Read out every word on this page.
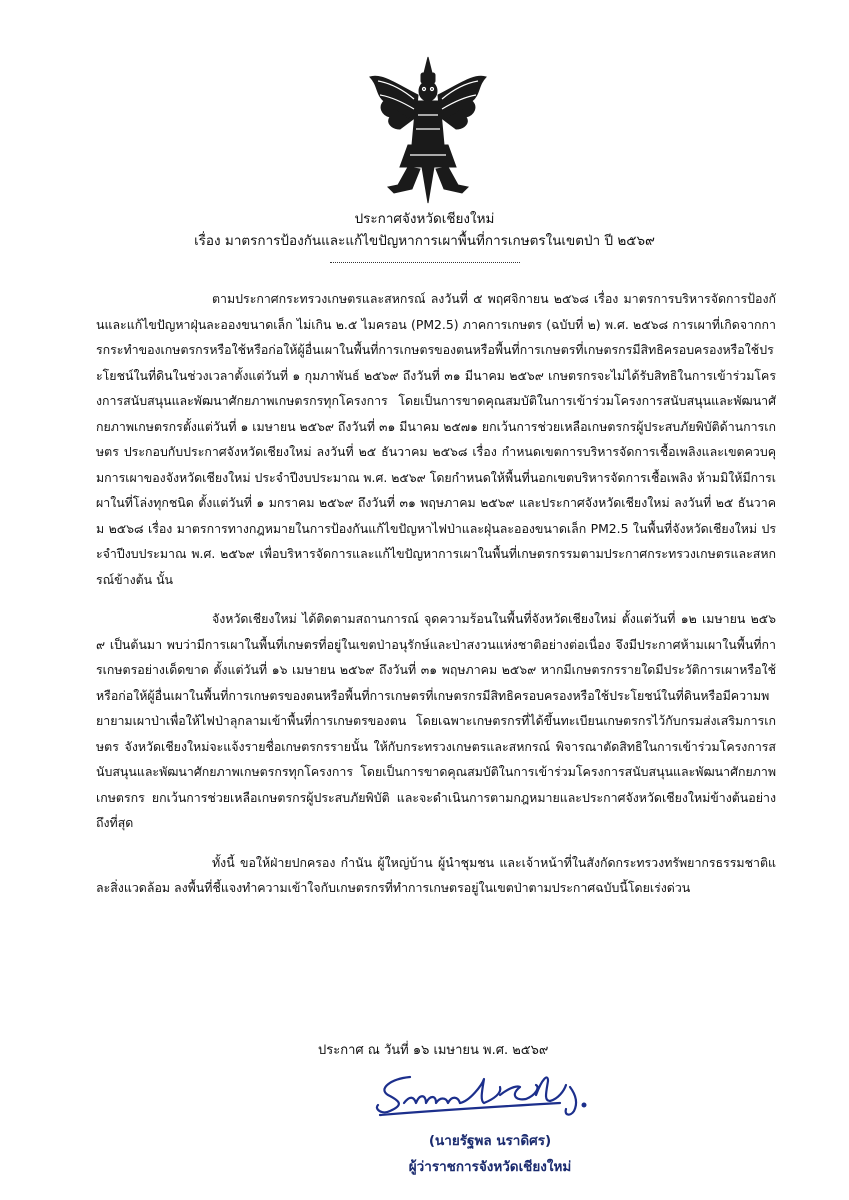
ประกาศจังหวัดเชียงใหม่
เรื่อง มาตรการป้องกันและแก้ไขปัญหาการเผาพื้นที่การเกษตรในเขตป่า ปี ๒๕๖๙

ตามประกาศกระทรวงเกษตรและสหกรณ์ ลงวันที่ ๕ พฤศจิกายน ๒๕๖๘ เรื่อง มาตรการบริหารจัดการป้องกันและแก้ไขปัญหาฝุ่นละอองขนาดเล็ก ไม่เกิน ๒.๕ ไมครอน (PM2.5) ภาคการเกษตร (ฉบับที่ ๒) พ.ศ. ๒๕๖๘ การเผาที่เกิดจากการกระทำของเกษตรกรหรือใช้หรือก่อให้ผู้อื่นเผาในพื้นที่การเกษตรของตนหรือพื้นที่การเกษตรที่เกษตรกรมีสิทธิครอบครองหรือใช้ประโยชน์ในที่ดินในช่วงเวลาตั้งแต่วันที่ ๑ กุมภาพันธ์ ๒๕๖๙ ถึงวันที่ ๓๑ มีนาคม ๒๕๖๙ เกษตรกรจะไม่ได้รับสิทธิในการเข้าร่วมโครงการสนับสนุนและพัฒนาศักยภาพเกษตรกรทุกโครงการ โดยเป็นการขาดคุณสมบัติในการเข้าร่วมโครงการสนับสนุนและพัฒนาศักยภาพเกษตรกรตั้งแต่วันที่ ๑ เมษายน ๒๕๖๙ ถึงวันที่ ๓๑ มีนาคม ๒๕๗๑ ยกเว้นการช่วยเหลือเกษตรกรผู้ประสบภัยพิบัติด้านการเกษตร ประกอบกับประกาศจังหวัดเชียงใหม่ ลงวันที่ ๒๕ ธันวาคม ๒๕๖๘ เรื่อง กำหนดเขตการบริหารจัดการเชื้อเพลิงและเขตควบคุมการเผาของจังหวัดเชียงใหม่ ประจำปีงบประมาณ พ.ศ. ๒๕๖๙ โดยกำหนดให้พื้นที่นอกเขตบริหารจัดการเชื้อเพลิง ห้ามมิให้มีการเผาในที่โล่งทุกชนิด ตั้งแต่วันที่ ๑ มกราคม ๒๕๖๙ ถึงวันที่ ๓๑ พฤษภาคม ๒๕๖๙ และประกาศจังหวัดเชียงใหม่ ลงวันที่ ๒๕ ธันวาคม ๒๕๖๘ เรื่อง มาตรการทางกฎหมายในการป้องกันแก้ไขปัญหาไฟป่าและฝุ่นละอองขนาดเล็ก PM2.5 ในพื้นที่จังหวัดเชียงใหม่ ประจำปีงบประมาณ พ.ศ. ๒๕๖๙ เพื่อบริหารจัดการและแก้ไขปัญหาการเผาในพื้นที่เกษตรกรรมตามประกาศกระทรวงเกษตรและสหกรณ์ข้างต้น นั้น

จังหวัดเชียงใหม่ ได้ติดตามสถานการณ์ จุดความร้อนในพื้นที่จังหวัดเชียงใหม่ ตั้งแต่วันที่ ๑๒ เมษายน ๒๕๖๙ เป็นต้นมา พบว่ามีการเผาในพื้นที่เกษตรที่อยู่ในเขตป่าอนุรักษ์และป่าสงวนแห่งชาติอย่างต่อเนื่อง จึงมีประกาศห้ามเผาในพื้นที่การเกษตรอย่างเด็ดขาด ตั้งแต่วันที่ ๑๖ เมษายน ๒๕๖๙ ถึงวันที่ ๓๑ พฤษภาคม ๒๕๖๙ หากมีเกษตรกรรายใดมีประวัติการเผาหรือใช้หรือก่อให้ผู้อื่นเผาในพื้นที่การเกษตรของตนหรือพื้นที่การเกษตรที่เกษตรกรมีสิทธิครอบครองหรือใช้ประโยชน์ในที่ดินหรือมีความพยายามเผาป่าเพื่อให้ไฟป่าลุกลามเข้าพื้นที่การเกษตรของตน โดยเฉพาะเกษตรกรที่ได้ขึ้นทะเบียนเกษตรกรไว้กับกรมส่งเสริมการเกษตร จังหวัดเชียงใหม่จะแจ้งรายชื่อเกษตรกรรายนั้น ให้กับกระทรวงเกษตรและสหกรณ์ พิจารณาตัดสิทธิในการเข้าร่วมโครงการสนับสนุนและพัฒนาศักยภาพเกษตรกรทุกโครงการ โดยเป็นการขาดคุณสมบัติในการเข้าร่วมโครงการสนับสนุนและพัฒนาศักยภาพเกษตรกร ยกเว้นการช่วยเหลือเกษตรกรผู้ประสบภัยพิบัติ และจะดำเนินการตามกฎหมายและประกาศจังหวัดเชียงใหม่ข้างต้นอย่างถึงที่สุด

ทั้งนี้ ขอให้ฝ่ายปกครอง กำนัน ผู้ใหญ่บ้าน ผู้นำชุมชน และเจ้าหน้าที่ในสังกัดกระทรวงทรัพยากรธรรมชาติและสิ่งแวดล้อม ลงพื้นที่ชี้แจงทำความเข้าใจกับเกษตรกรที่ทำการเกษตรอยู่ในเขตป่าตามประกาศฉบับนี้โดยเร่งด่วน

ประกาศ ณ วันที่ ๑๖ เมษายน พ.ศ. ๒๕๖๙
(นายรัฐพล นราดิศร)
ผู้ว่าราชการจังหวัดเชียงใหม่
